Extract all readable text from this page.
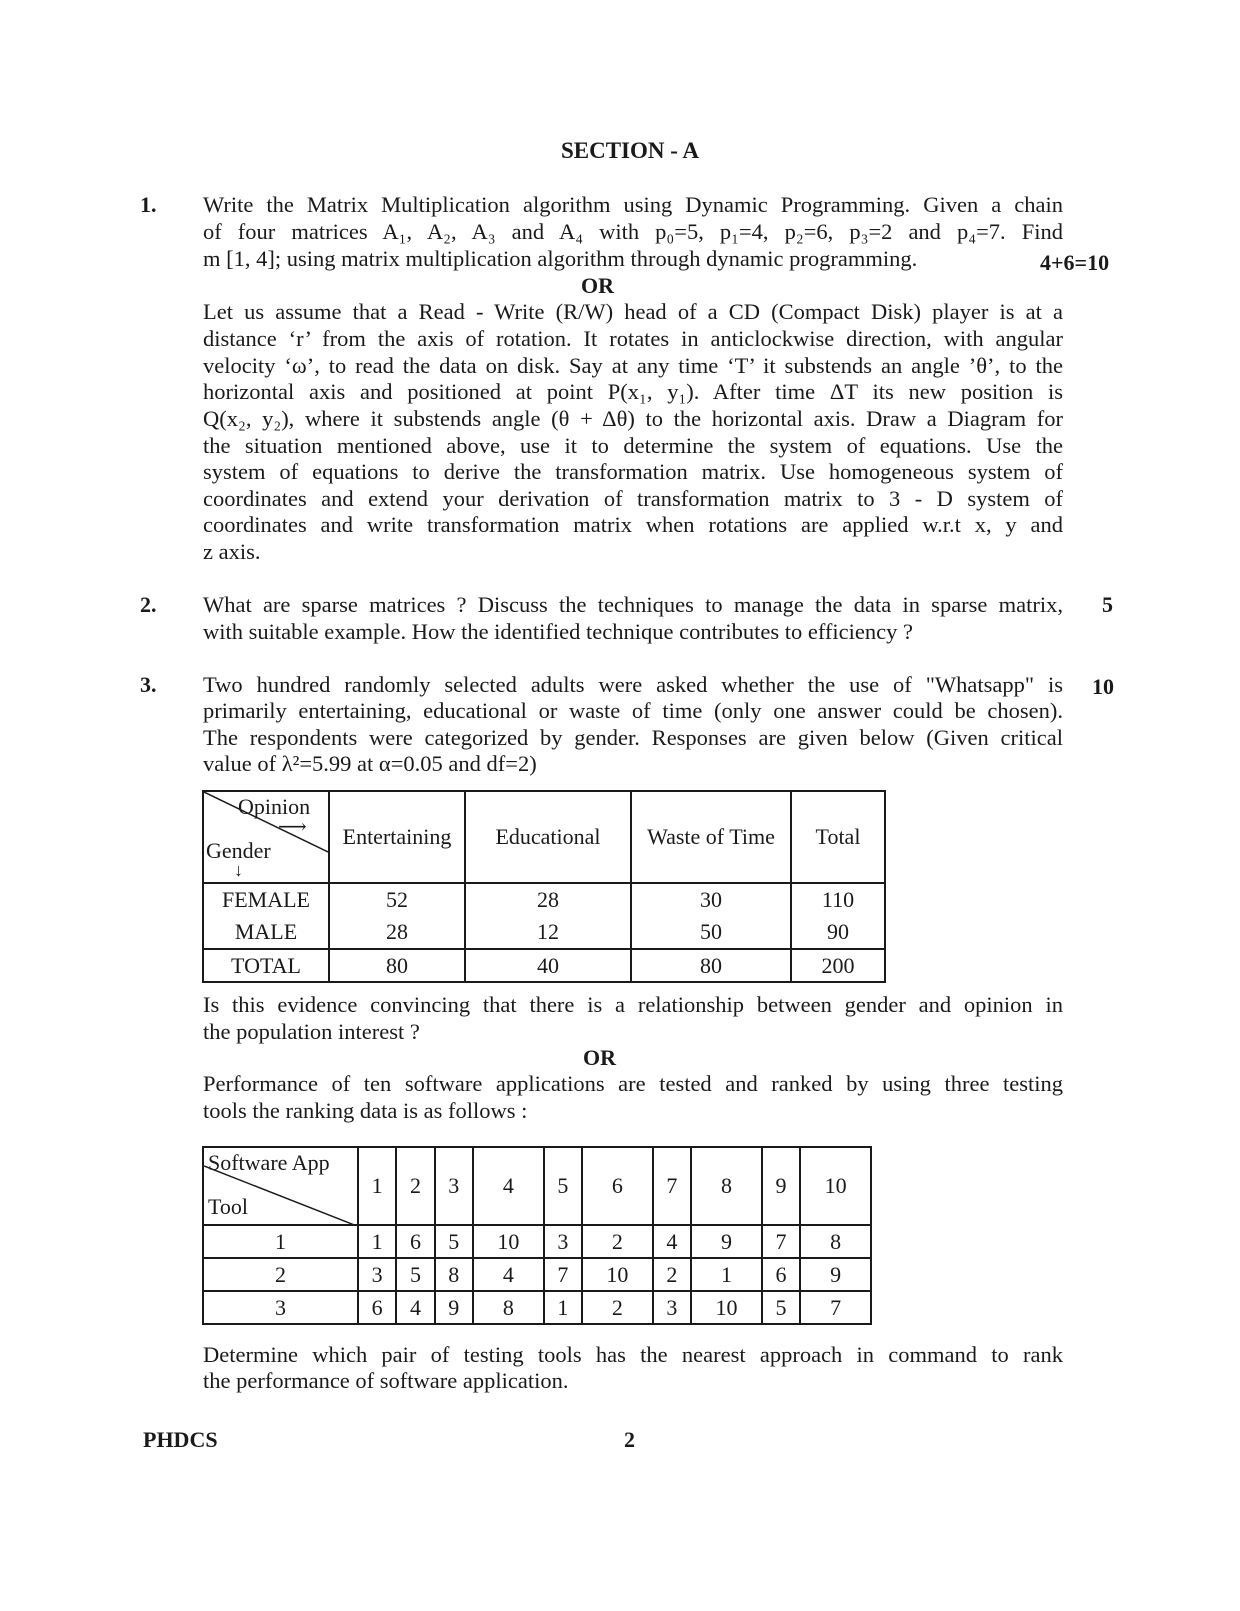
SECTION - A
1. Write the Matrix Multiplication algorithm using Dynamic Programming. Given a chain
of four matrices A₁, A₂, A₃ and A₄ with p₀=5, p₁=4, p₂=6, p₃=2 and p₄=7. Find
m [1, 4]; using matrix multiplication algorithm through dynamic programming.	4+6=10
OR
Let us assume that a Read - Write (R/W) head of a CD (Compact Disk) player is at a
distance ‘r’ from the axis of rotation. It rotates in anticlockwise direction, with angular
velocity ‘ω’, to read the data on disk. Say at any time ‘T’ it substends an angle ’θ’, to the
horizontal axis and positioned at point P(x₁, y₁). After time ΔT its new position is
Q(x₂, y₂), where it substends angle (θ + Δθ) to the horizontal axis. Draw a Diagram for
the situation mentioned above, use it to determine the system of equations. Use the
system of equations to derive the transformation matrix. Use homogeneous system of
coordinates and extend your derivation of transformation matrix to 3 - D system of
coordinates and write transformation matrix when rotations are applied w.r.t x, y and
z axis.
2. What are sparse matrices ? Discuss the techniques to manage the data in sparse matrix,
with suitable example. How the identified technique contributes to efficiency ?
5
3. Two hundred randomly selected adults were asked whether the use of "Whatsapp" is
primarily entertaining, educational or waste of time (only one answer could be chosen).
The respondents were categorized by gender. Responses are given below (Given critical
value of λ²=5.99 at α=0.05 and df=2)
10
Opinion
⟶
Gender
↓	Entertaining	Educational	Waste of Time	Total
FEMALE	52	28	30	110
MALE	28	12	50	90
TOTAL	80	40	80	200
Is this evidence convincing that there is a relationship between gender and opinion in
the population interest ?
OR
Performance of ten software applications are tested and ranked by using three testing
tools the ranking data is as follows :
Software App
Tool	1	2	3	4	5	6	7	8	9	10
1	1	6	5	10	3	2	4	9	7	8
2	3	5	8	4	7	10	2	1	6	9
3	6	4	9	8	1	2	3	10	5	7
Determine which pair of testing tools has the nearest approach in command to rank
the performance of software application.
PHDCS	2
